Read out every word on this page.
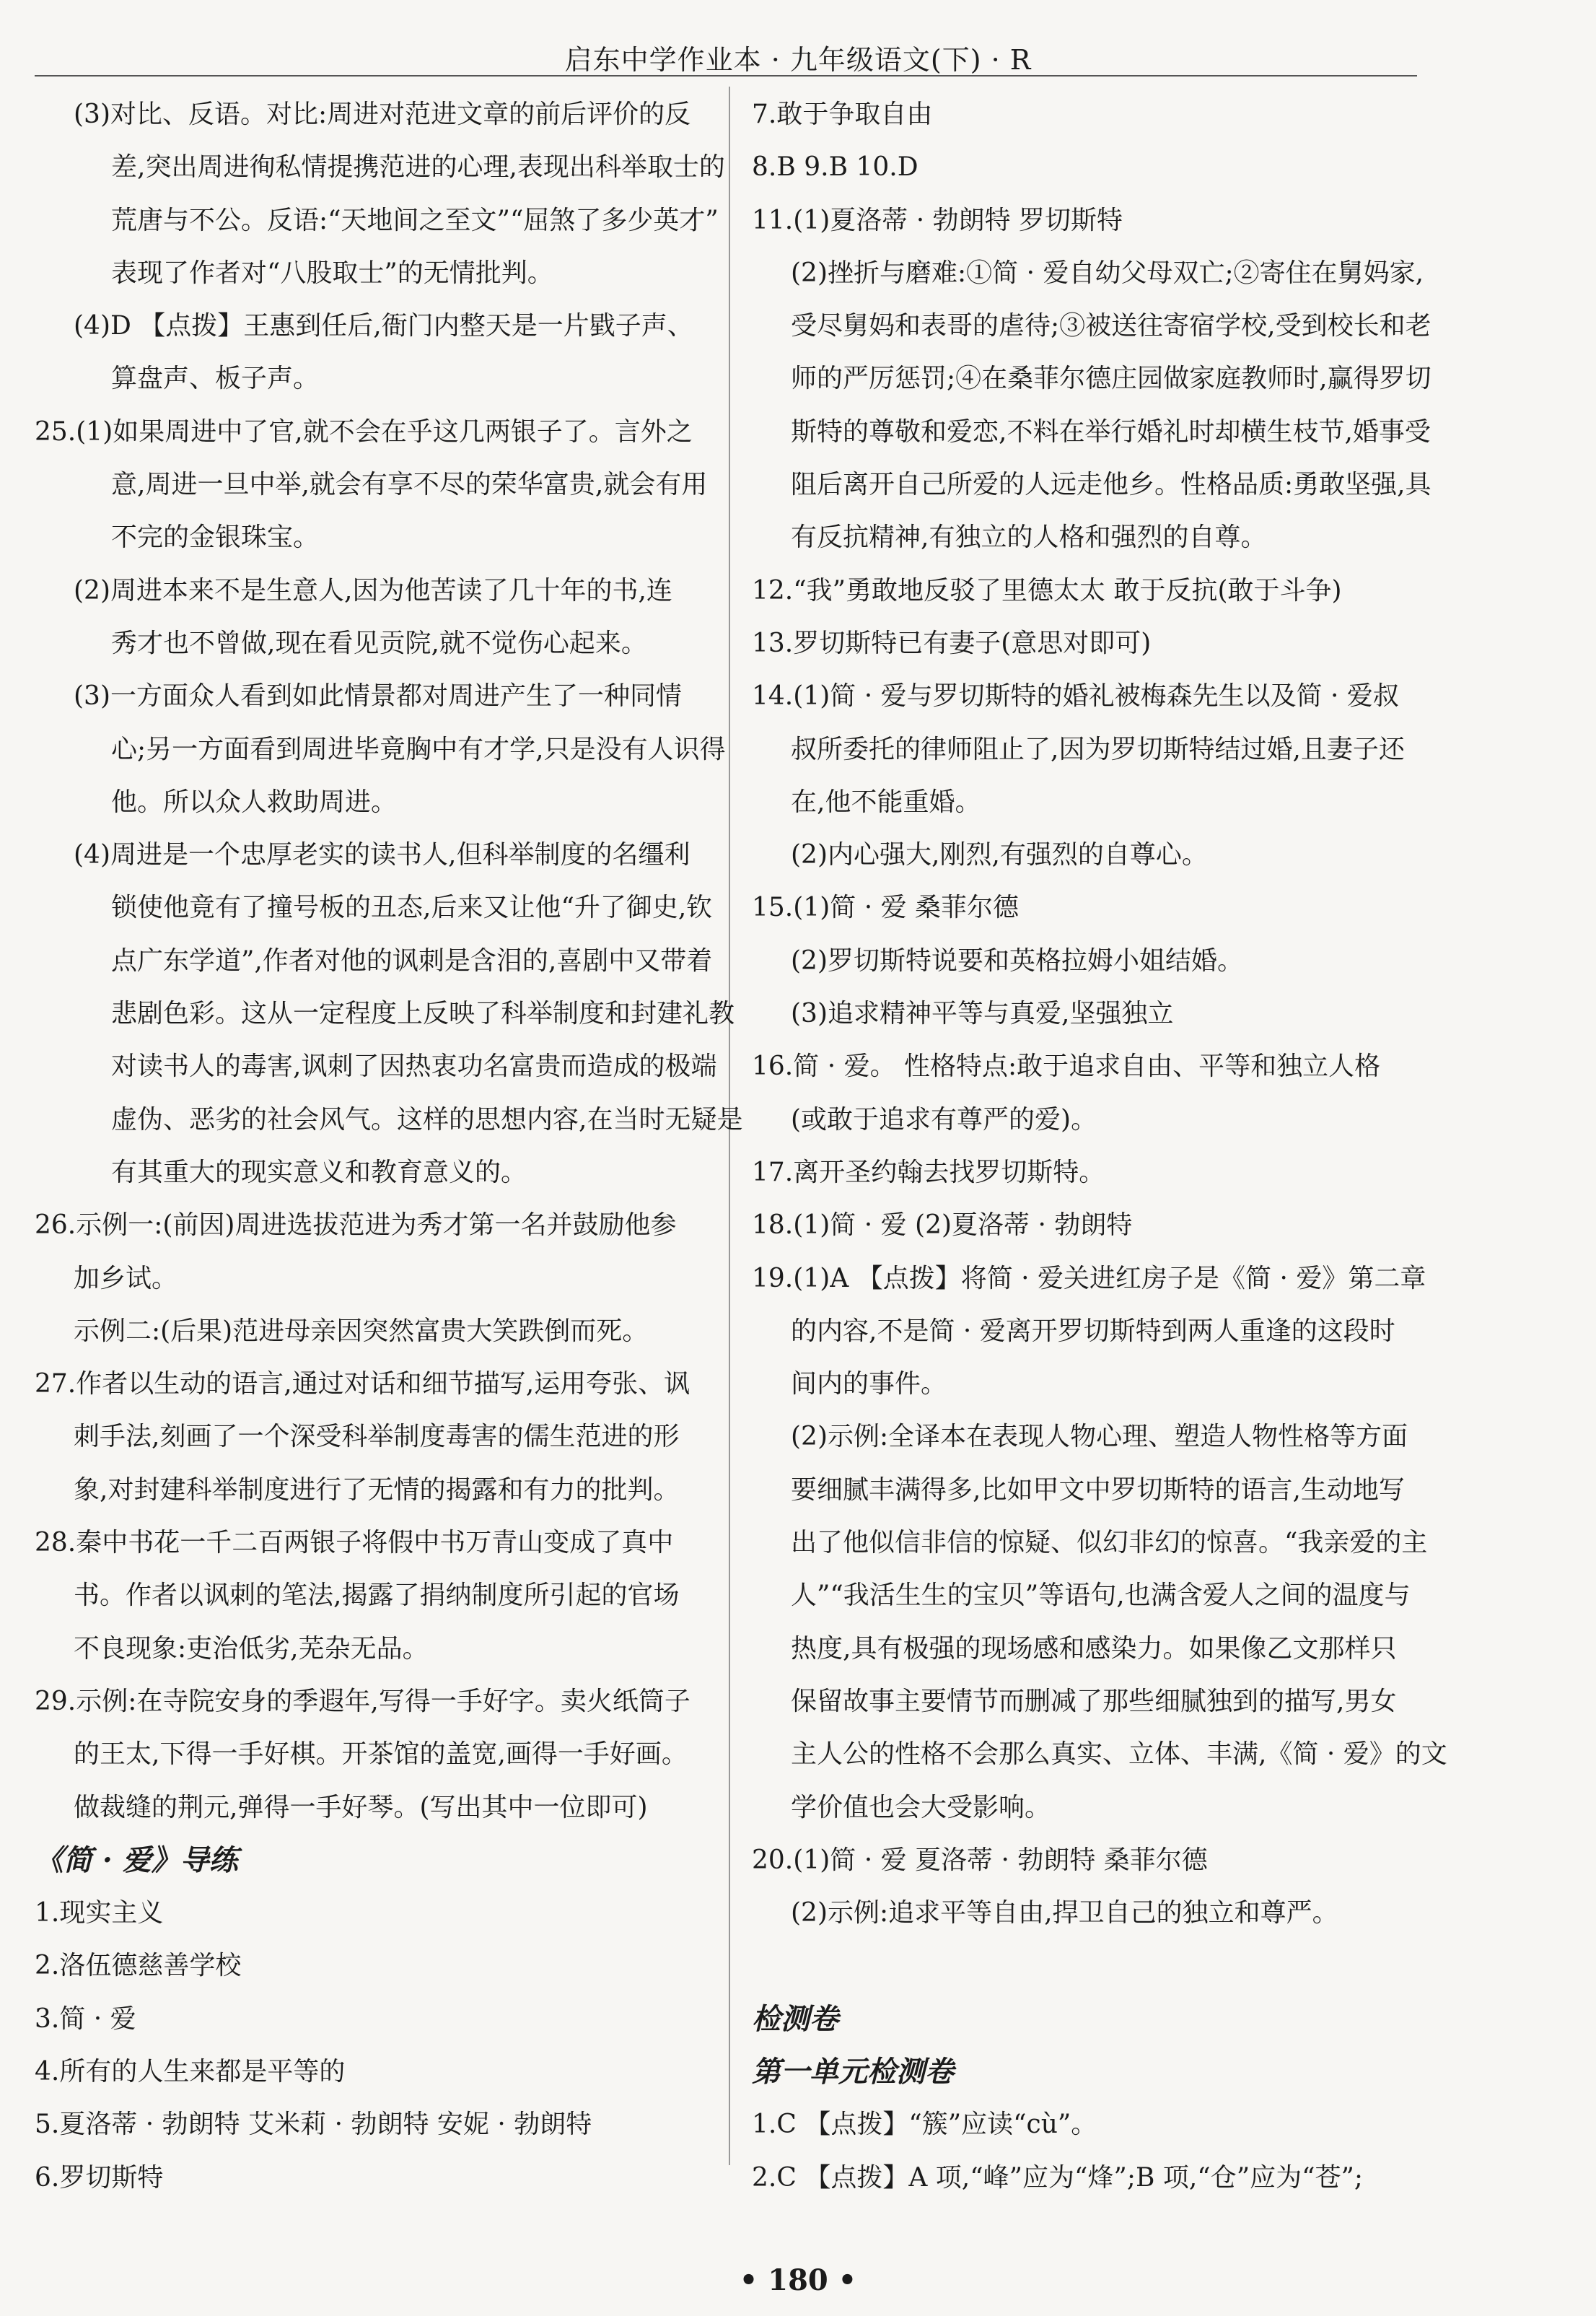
启东中学作业本 · 九年级语文(下) · R
(3)对比、反语。对比:周进对范进文章的前后评价的反
差,突出周进徇私情提携范进的心理,表现出科举取士的
荒唐与不公。反语:“天地间之至文”“屈煞了多少英才”
表现了作者对“八股取士”的无情批判。
(4)D 【点拨】王惠到任后,衙门内整天是一片戥子声、
算盘声、板子声。
25.(1)如果周进中了官,就不会在乎这几两银子了。言外之
意,周进一旦中举,就会有享不尽的荣华富贵,就会有用
不完的金银珠宝。
(2)周进本来不是生意人,因为他苦读了几十年的书,连
秀才也不曾做,现在看见贡院,就不觉伤心起来。
(3)一方面众人看到如此情景都对周进产生了一种同情
心;另一方面看到周进毕竟胸中有才学,只是没有人识得
他。所以众人救助周进。
(4)周进是一个忠厚老实的读书人,但科举制度的名缰利
锁使他竟有了撞号板的丑态,后来又让他“升了御史,钦
点广东学道”,作者对他的讽刺是含泪的,喜剧中又带着
悲剧色彩。这从一定程度上反映了科举制度和封建礼教
对读书人的毒害,讽刺了因热衷功名富贵而造成的极端
虚伪、恶劣的社会风气。这样的思想内容,在当时无疑是
有其重大的现实意义和教育意义的。
26.示例一:(前因)周进选拔范进为秀才第一名并鼓励他参
加乡试。
示例二:(后果)范进母亲因突然富贵大笑跌倒而死。
27.作者以生动的语言,通过对话和细节描写,运用夸张、讽
刺手法,刻画了一个深受科举制度毒害的儒生范进的形
象,对封建科举制度进行了无情的揭露和有力的批判。
28.秦中书花一千二百两银子将假中书万青山变成了真中
书。作者以讽刺的笔法,揭露了捐纳制度所引起的官场
不良现象:吏治低劣,芜杂无品。
29.示例:在寺院安身的季遐年,写得一手好字。卖火纸筒子
的王太,下得一手好棋。开茶馆的盖宽,画得一手好画。
做裁缝的荆元,弹得一手好琴。(写出其中一位即可)
《简 · 爱》导练
1.现实主义
2.洛伍德慈善学校
3.简 · 爱
4.所有的人生来都是平等的
5.夏洛蒂 · 勃朗特 艾米莉 · 勃朗特 安妮 · 勃朗特
6.罗切斯特
7.敢于争取自由
8.B 9.B 10.D
11.(1)夏洛蒂 · 勃朗特 罗切斯特
(2)挫折与磨难:①简 · 爱自幼父母双亡;②寄住在舅妈家,
受尽舅妈和表哥的虐待;③被送往寄宿学校,受到校长和老
师的严厉惩罚;④在桑菲尔德庄园做家庭教师时,赢得罗切
斯特的尊敬和爱恋,不料在举行婚礼时却横生枝节,婚事受
阻后离开自己所爱的人远走他乡。性格品质:勇敢坚强,具
有反抗精神,有独立的人格和强烈的自尊。
12.“我”勇敢地反驳了里德太太 敢于反抗(敢于斗争)
13.罗切斯特已有妻子(意思对即可)
14.(1)简 · 爱与罗切斯特的婚礼被梅森先生以及简 · 爱叔
叔所委托的律师阻止了,因为罗切斯特结过婚,且妻子还
在,他不能重婚。
(2)内心强大,刚烈,有强烈的自尊心。
15.(1)简 · 爱 桑菲尔德
(2)罗切斯特说要和英格拉姆小姐结婚。
(3)追求精神平等与真爱,坚强独立
16.简 · 爱。 性格特点:敢于追求自由、平等和独立人格
(或敢于追求有尊严的爱)。
17.离开圣约翰去找罗切斯特。
18.(1)简 · 爱 (2)夏洛蒂 · 勃朗特
19.(1)A 【点拨】将简 · 爱关进红房子是《简 · 爱》第二章
的内容,不是简 · 爱离开罗切斯特到两人重逢的这段时
间内的事件。
(2)示例:全译本在表现人物心理、塑造人物性格等方面
要细腻丰满得多,比如甲文中罗切斯特的语言,生动地写
出了他似信非信的惊疑、似幻非幻的惊喜。“我亲爱的主
人”“我活生生的宝贝”等语句,也满含爱人之间的温度与
热度,具有极强的现场感和感染力。如果像乙文那样只
保留故事主要情节而删减了那些细腻独到的描写,男女
主人公的性格不会那么真实、立体、丰满,《简 · 爱》的文
学价值也会大受影响。
20.(1)简 · 爱 夏洛蒂 · 勃朗特 桑菲尔德
(2)示例:追求平等自由,捍卫自己的独立和尊严。
检测卷
第一单元检测卷
1.C 【点拨】“簇”应读“cù”。
2.C 【点拨】A 项,“峰”应为“烽”;B 项,“仓”应为“苍”;
• 180 •
